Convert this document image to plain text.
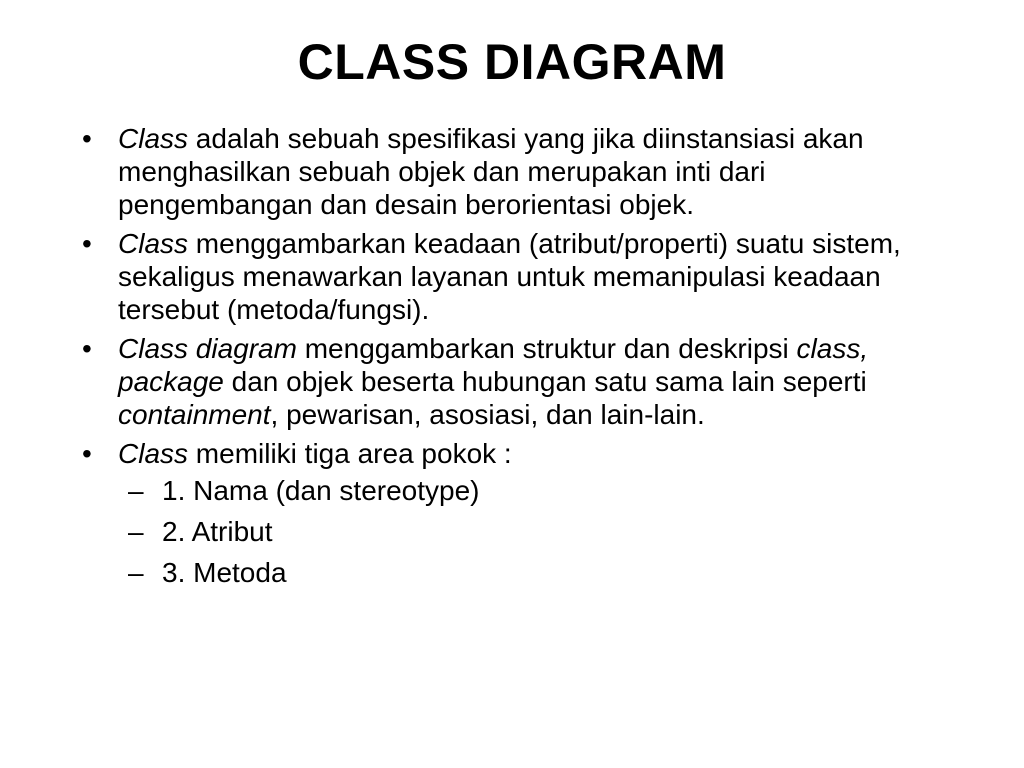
CLASS DIAGRAM
• Class adalah sebuah spesifikasi yang jika diinstansiasi akan menghasilkan sebuah objek dan merupakan inti dari pengembangan dan desain berorientasi objek.
• Class menggambarkan keadaan (atribut/properti) suatu sistem, sekaligus menawarkan layanan untuk memanipulasi keadaan tersebut (metoda/fungsi).
• Class diagram menggambarkan struktur dan deskripsi class, package dan objek beserta hubungan satu sama lain seperti containment, pewarisan, asosiasi, dan lain-lain.
• Class memiliki tiga area pokok :
– 1. Nama (dan stereotype)
– 2. Atribut
– 3. Metoda
